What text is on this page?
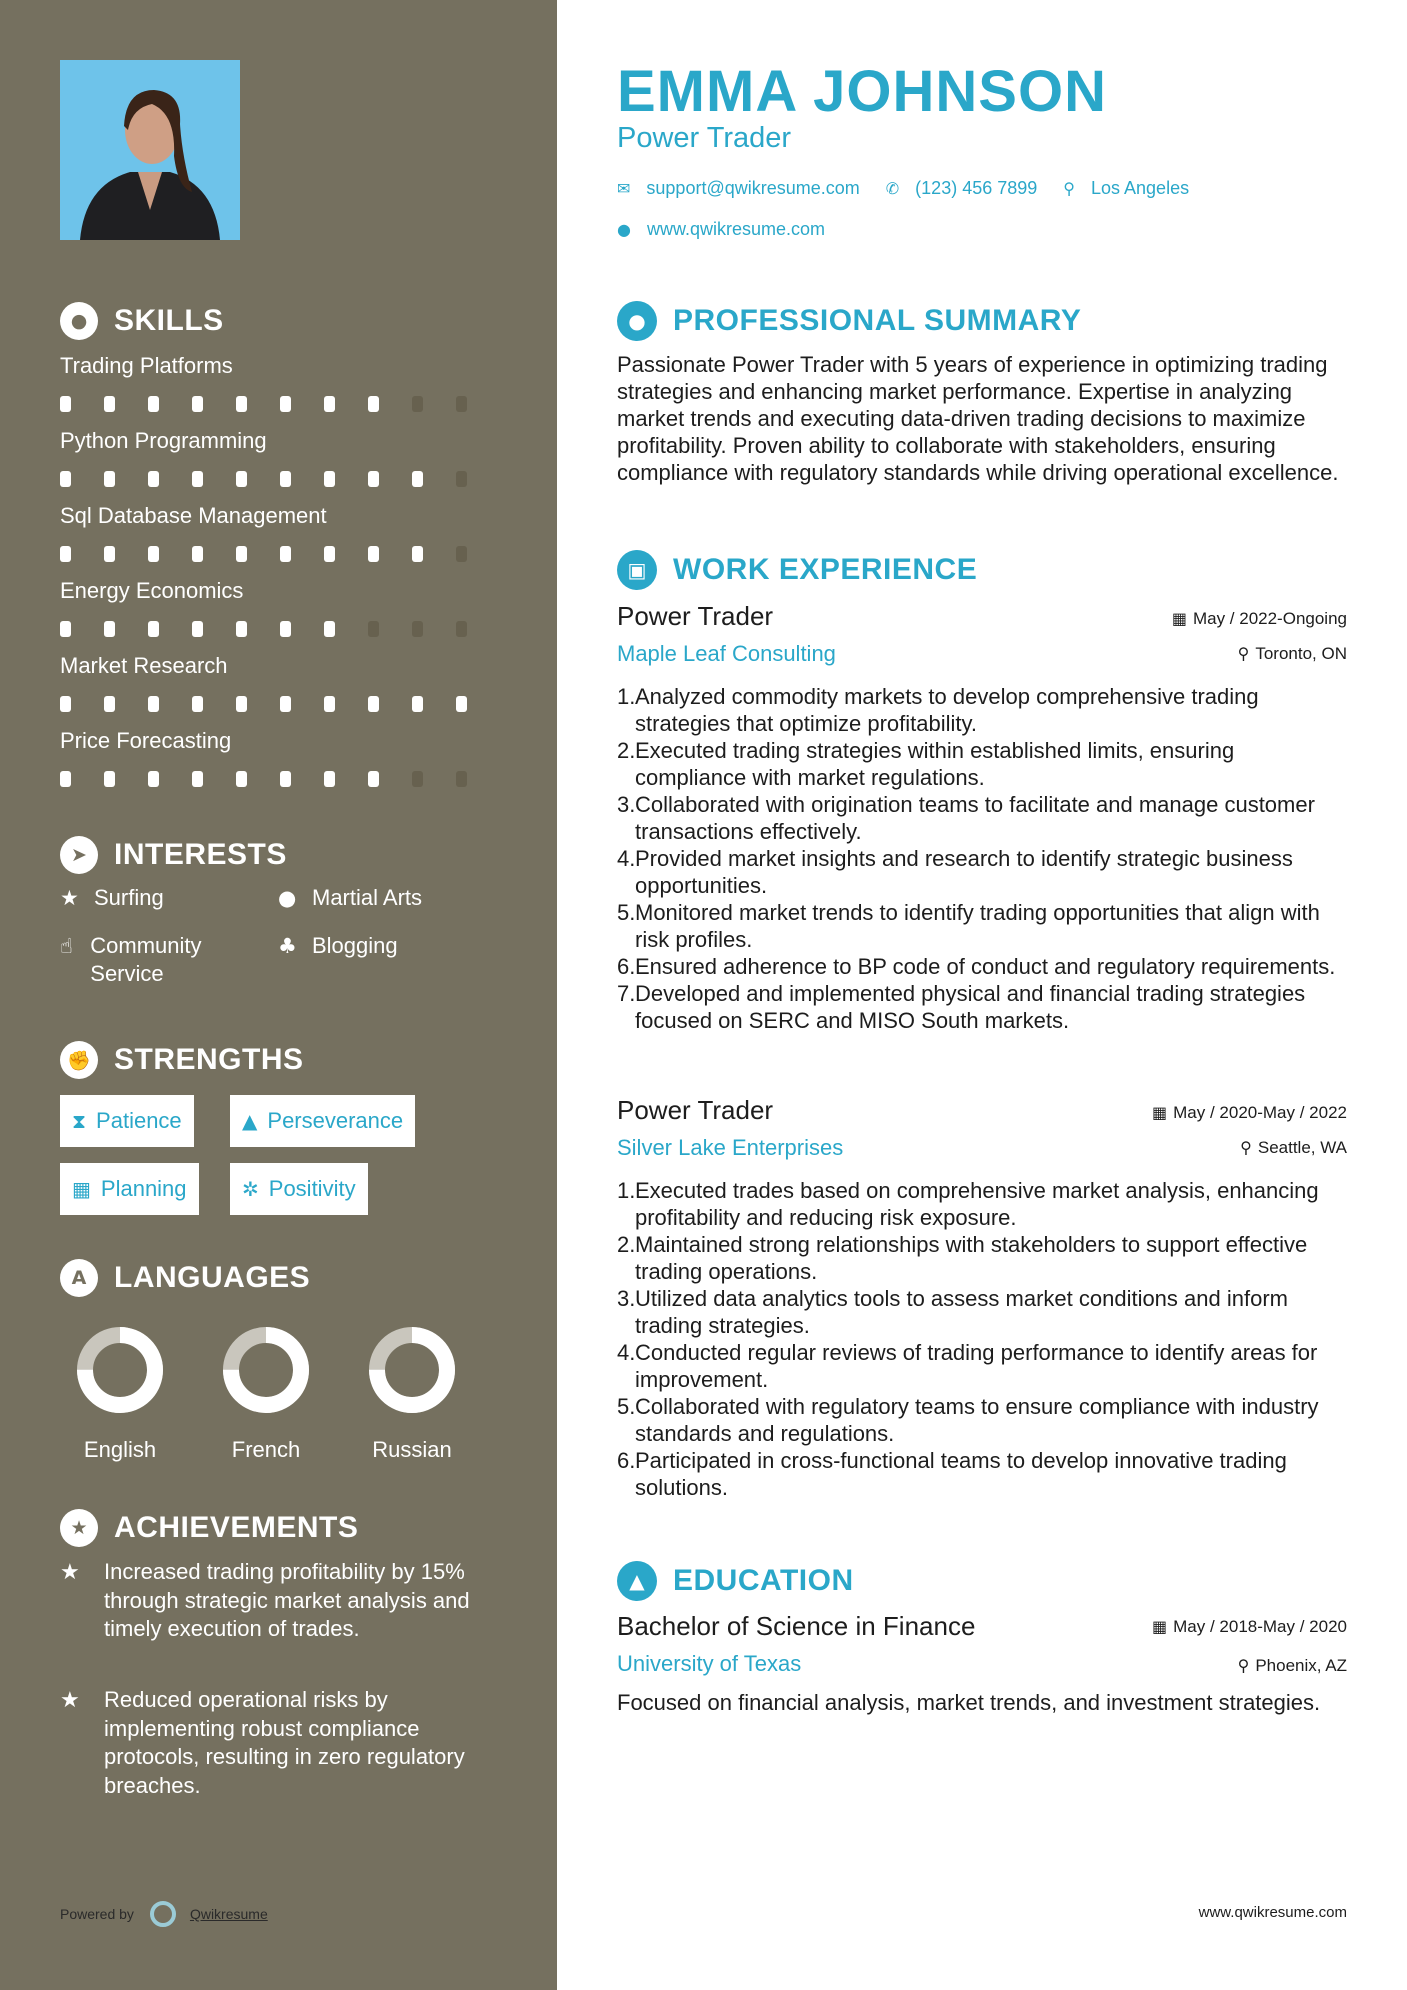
● SKILLS
Trading Platforms
Python Programming
Sql Database Management
Energy Economics
Market Research
Price Forecasting
➤ INTERESTS
★ Surfing	● Martial Arts
☝ Community Service
♣ Blogging
✊ STRENGTHS
⧗ Patience	▲ Perseverance
▦ Planning	✲ Positivity
A LANGUAGES
English	French	Russian
★ ACHIEVEMENTS
★	Increased trading profitability by 15% through strategic market analysis and timely execution of trades.
★	Reduced operational risks by implementing robust compliance protocols, resulting in zero regulatory breaches.
Powered by	Qwikresume
EMMA JOHNSON
Power Trader
✉ support@qwikresume.com ✆ (123) 456 7899 ⚲ Los Angeles
● www.qwikresume.com
● PROFESSIONAL SUMMARY
Passionate Power Trader with 5 years of experience in optimizing trading strategies and enhancing market performance. Expertise in analyzing market trends and executing data-driven trading decisions to maximize profitability. Proven ability to collaborate with stakeholders, ensuring compliance with regulatory standards while driving operational excellence.
▣ WORK EXPERIENCE
Power Trader	▦ May / 2022-Ongoing
Maple Leaf Consulting	⚲ Toronto, ON
1. Analyzed commodity markets to develop comprehensive trading strategies that optimize profitability.
2. Executed trading strategies within established limits, ensuring compliance with market regulations.
3. Collaborated with origination teams to facilitate and manage customer transactions effectively.
4. Provided market insights and research to identify strategic business opportunities.
5. Monitored market trends to identify trading opportunities that align with risk profiles.
6. Ensured adherence to BP code of conduct and regulatory requirements.
7. Developed and implemented physical and financial trading strategies focused on SERC and MISO South markets.
Power Trader	▦ May / 2020-May / 2022
Silver Lake Enterprises	⚲ Seattle, WA
1. Executed trades based on comprehensive market analysis, enhancing profitability and reducing risk exposure.
2. Maintained strong relationships with stakeholders to support effective trading operations.
3. Utilized data analytics tools to assess market conditions and inform trading strategies.
4. Conducted regular reviews of trading performance to identify areas for improvement.
5. Collaborated with regulatory teams to ensure compliance with industry standards and regulations.
6. Participated in cross-functional teams to develop innovative trading solutions.
▲ EDUCATION
Bachelor of Science in Finance	▦ May / 2018-May / 2020
University of Texas	⚲ Phoenix, AZ
Focused on financial analysis, market trends, and investment strategies.
www.qwikresume.com
